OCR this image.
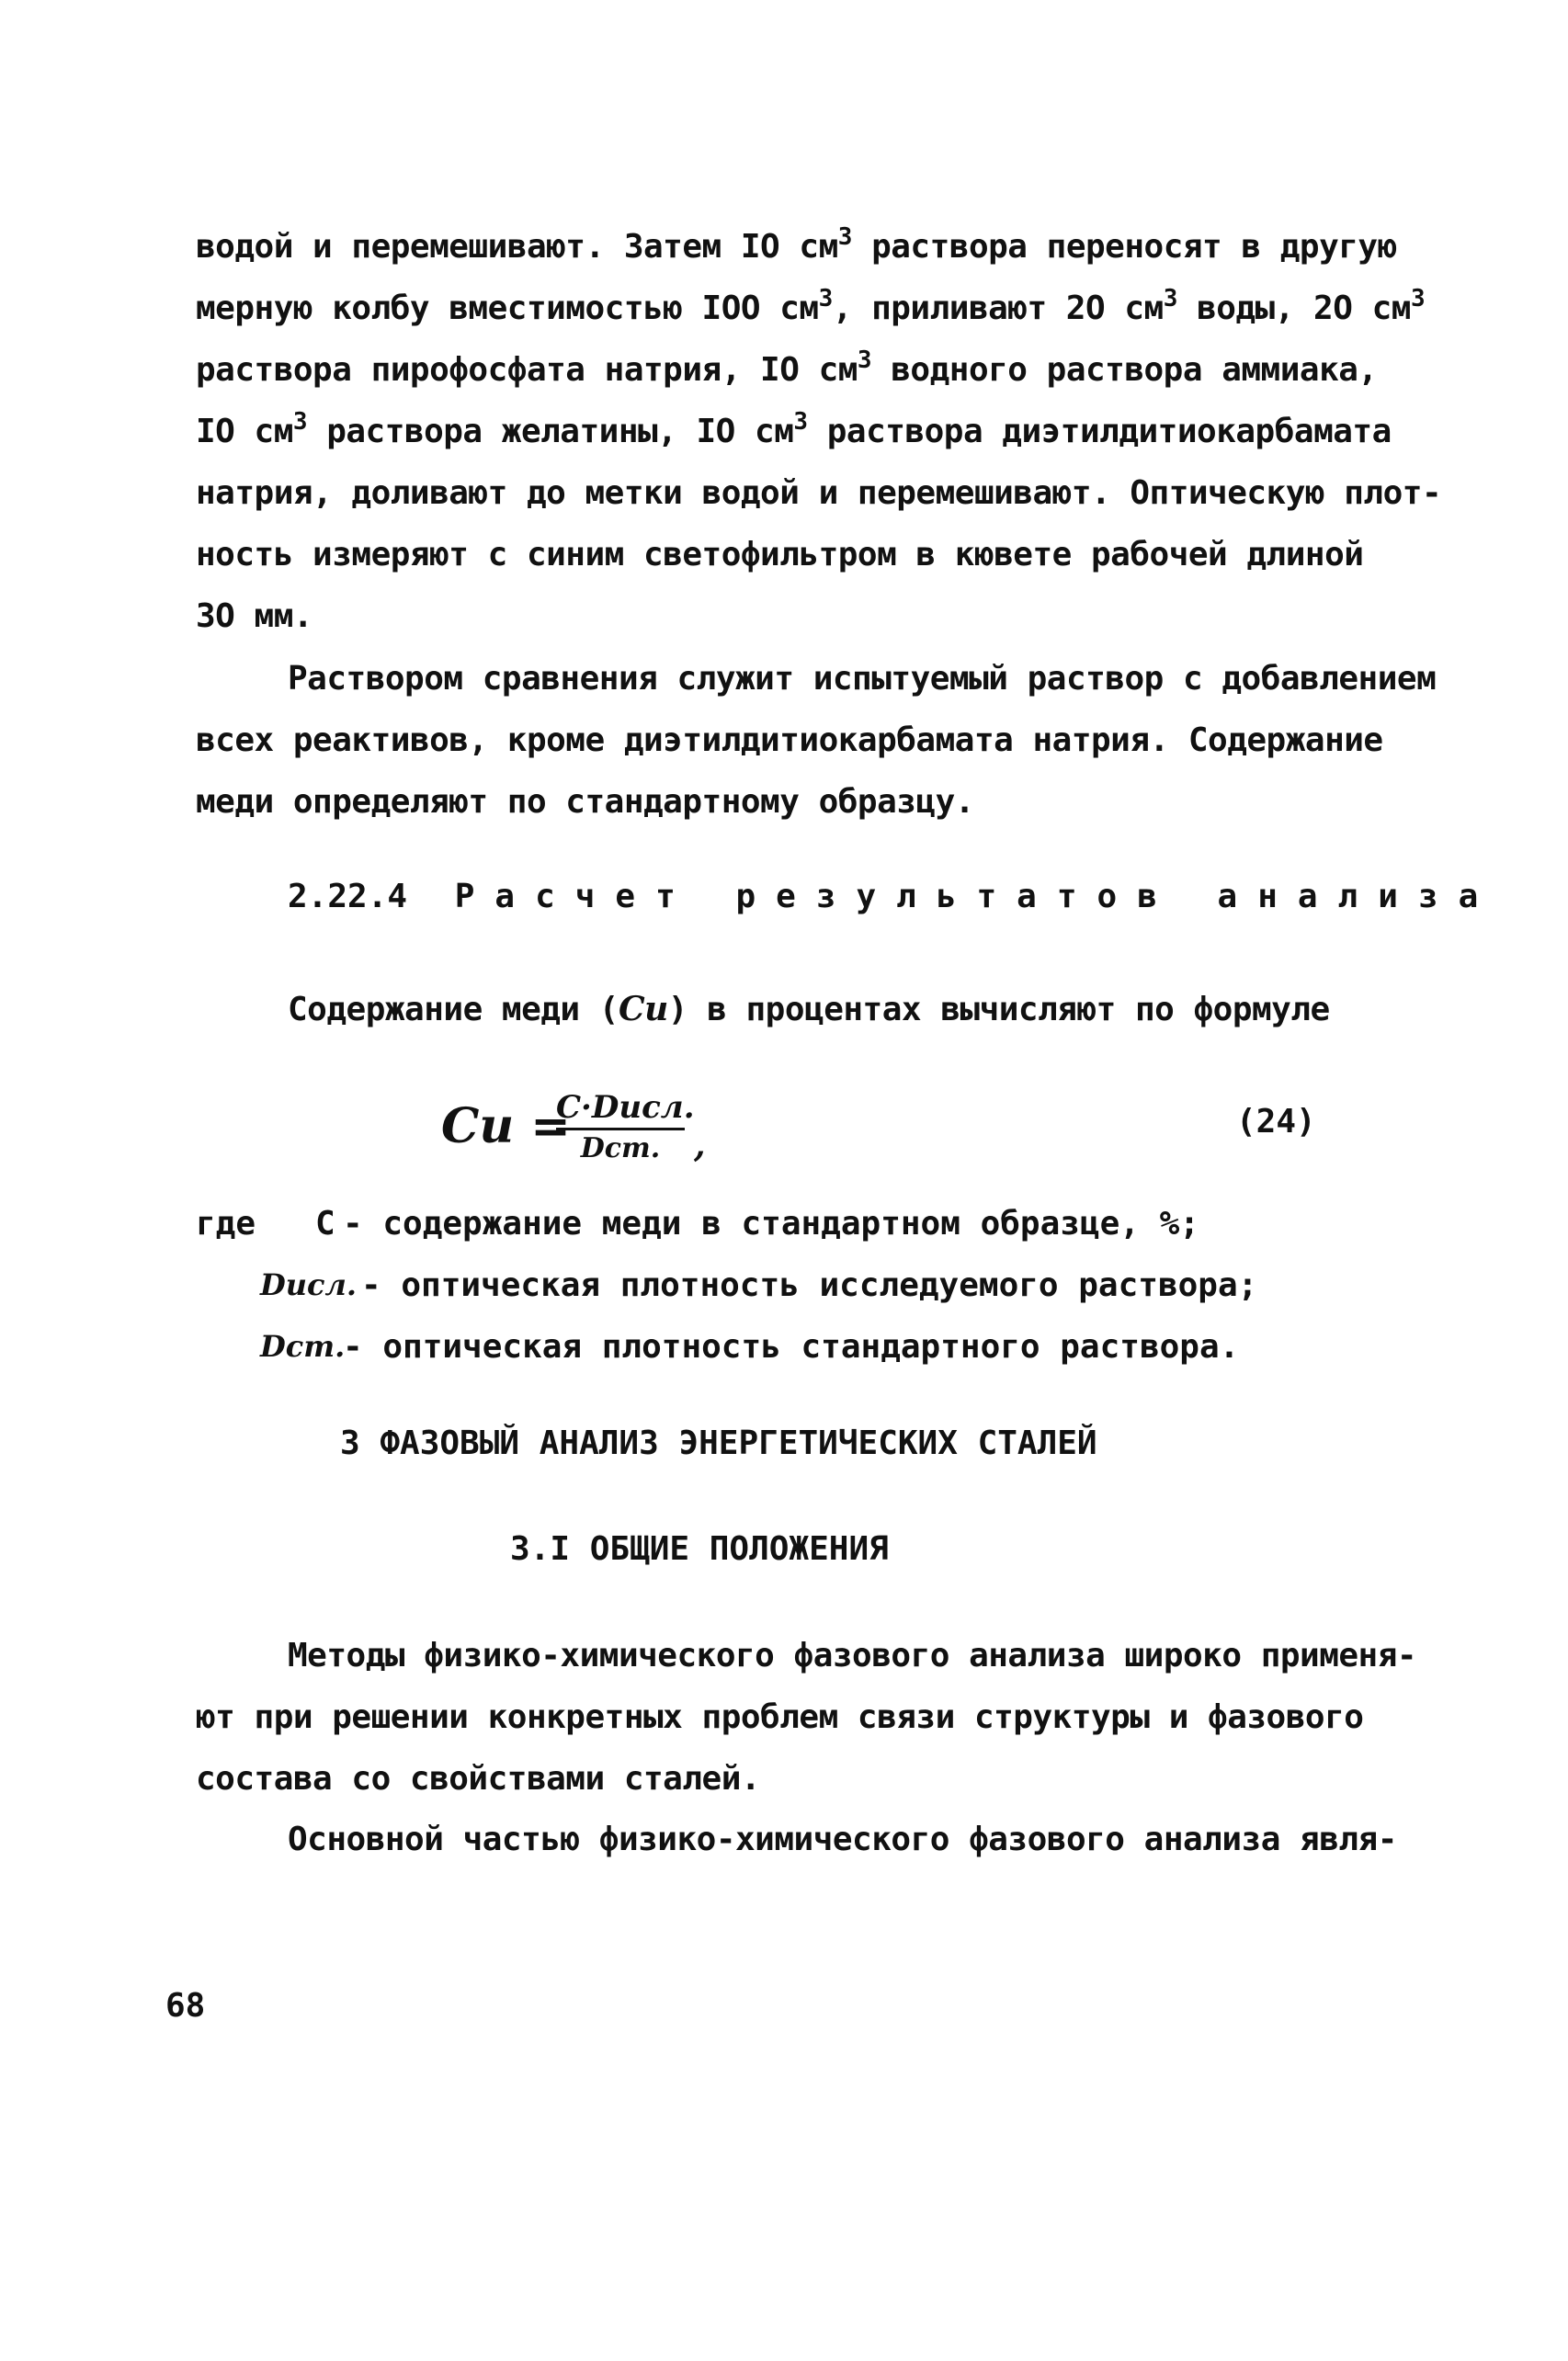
водой и перемешивают. Затем IO $см^3$ раствора переносят в другую
мерную колбу вместимостью IOO $см^3$, приливают 2O $см^3$ воды, 2O $см^3$
раствора пирофосфата натрия, IO $см^3$ водного раствора аммиака,
IO $см^3$ раствора желатины, IO $см^3$ раствора диэтилдитиокарбамата
натрия, доливают до метки водой и перемешивают. Оптическую плот-
ность измеряют с синим светофильтром в кювете рабочей длиной
3O мм.

Раствором сравнения служит испытуемый раствор с добавлением
всех реактивов, кроме диэтилдитиокарбамата натрия. Содержание
меди определяют по стандартному образцу.

2.22.4 Расчет результатов анализа

Содержание меди (Cu) в процентах вычисляют по формуле

Cu =
C·Dисл.
Dст.	,
(24)
где C - содержание меди в стандартном образце, %;
Dисл. - оптическая плотность исследуемого раствора;
Dст.
- оптическая плотность стандартного раствора.
3 ФАЗОВЫЙ АНАЛИЗ ЭНЕРГЕТИЧЕСКИХ СТАЛЕЙ
3.I ОБЩИЕ ПОЛОЖЕНИЯ

Методы физико-химического фазового анализа широко применя-
ют при решении конкретных проблем связи структуры и фазового
состава со свойствами сталей.

Основной частью физико-химического фазового анализа явля-

68
